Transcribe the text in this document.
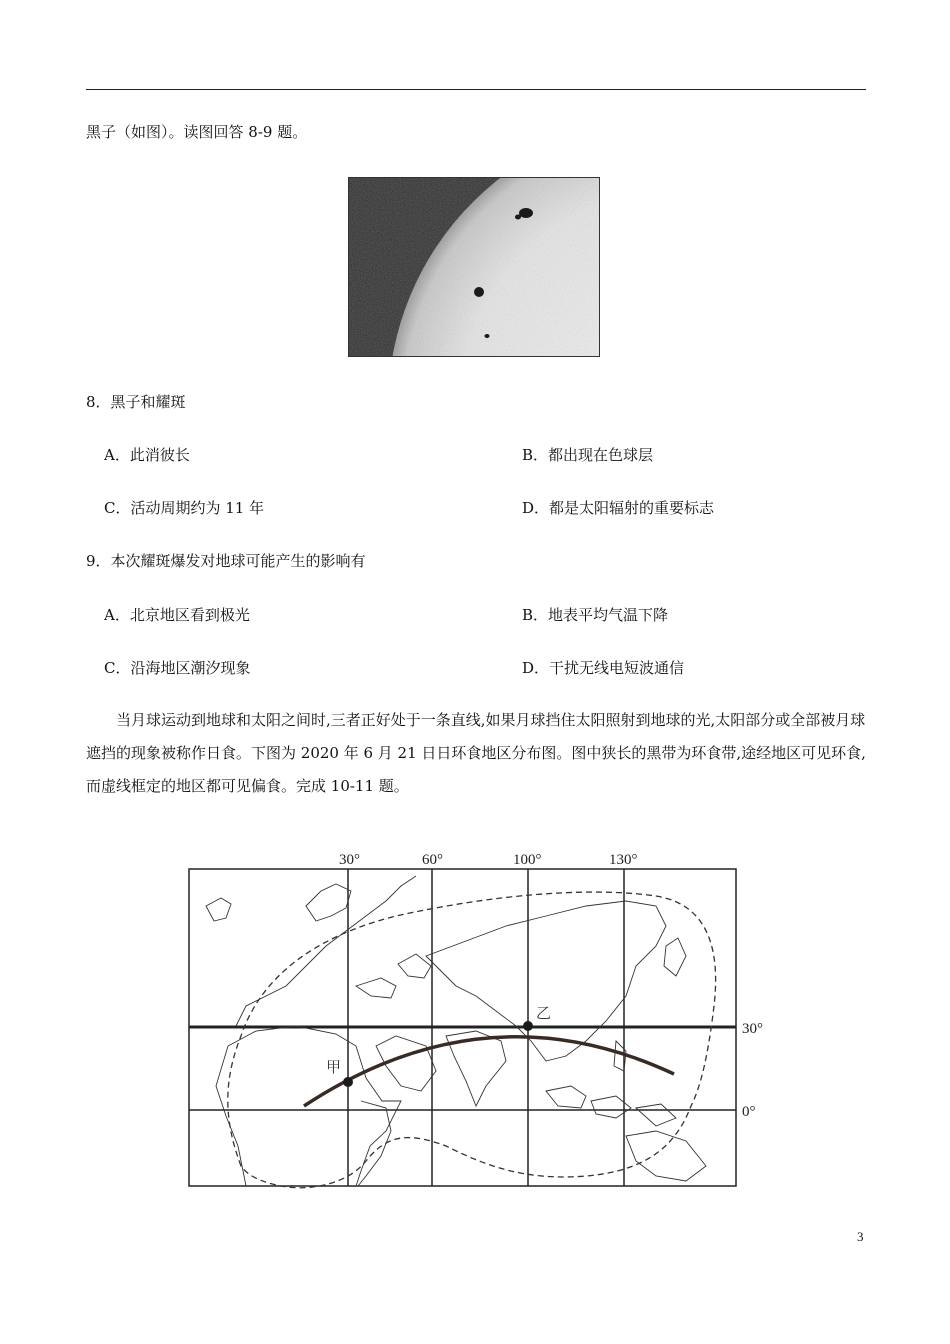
黑子（如图）。读图回答 8-9 题。
8．黑子和耀斑
A．此消彼长	B．都出现在色球层
C．活动周期约为 11 年	D．都是太阳辐射的重要标志
9．本次耀斑爆发对地球可能产生的影响有
A．北京地区看到极光	B．地表平均气温下降
C．沿海地区潮汐现象	D．干扰无线电短波通信
当月球运动到地球和太阳之间时,三者正好处于一条直线,如果月球挡住太阳照射到地球的光,太阳部分或全部被月球遮挡的现象被称作日食。下图为 2020 年 6 月 21 日日环食地区分布图。图中狭长的黑带为环食带,途经地区可见环食,而虚线框定的地区都可见偏食。完成 10-11 题。
甲
乙
30°	60°	100°	130°
30°
0°
3
